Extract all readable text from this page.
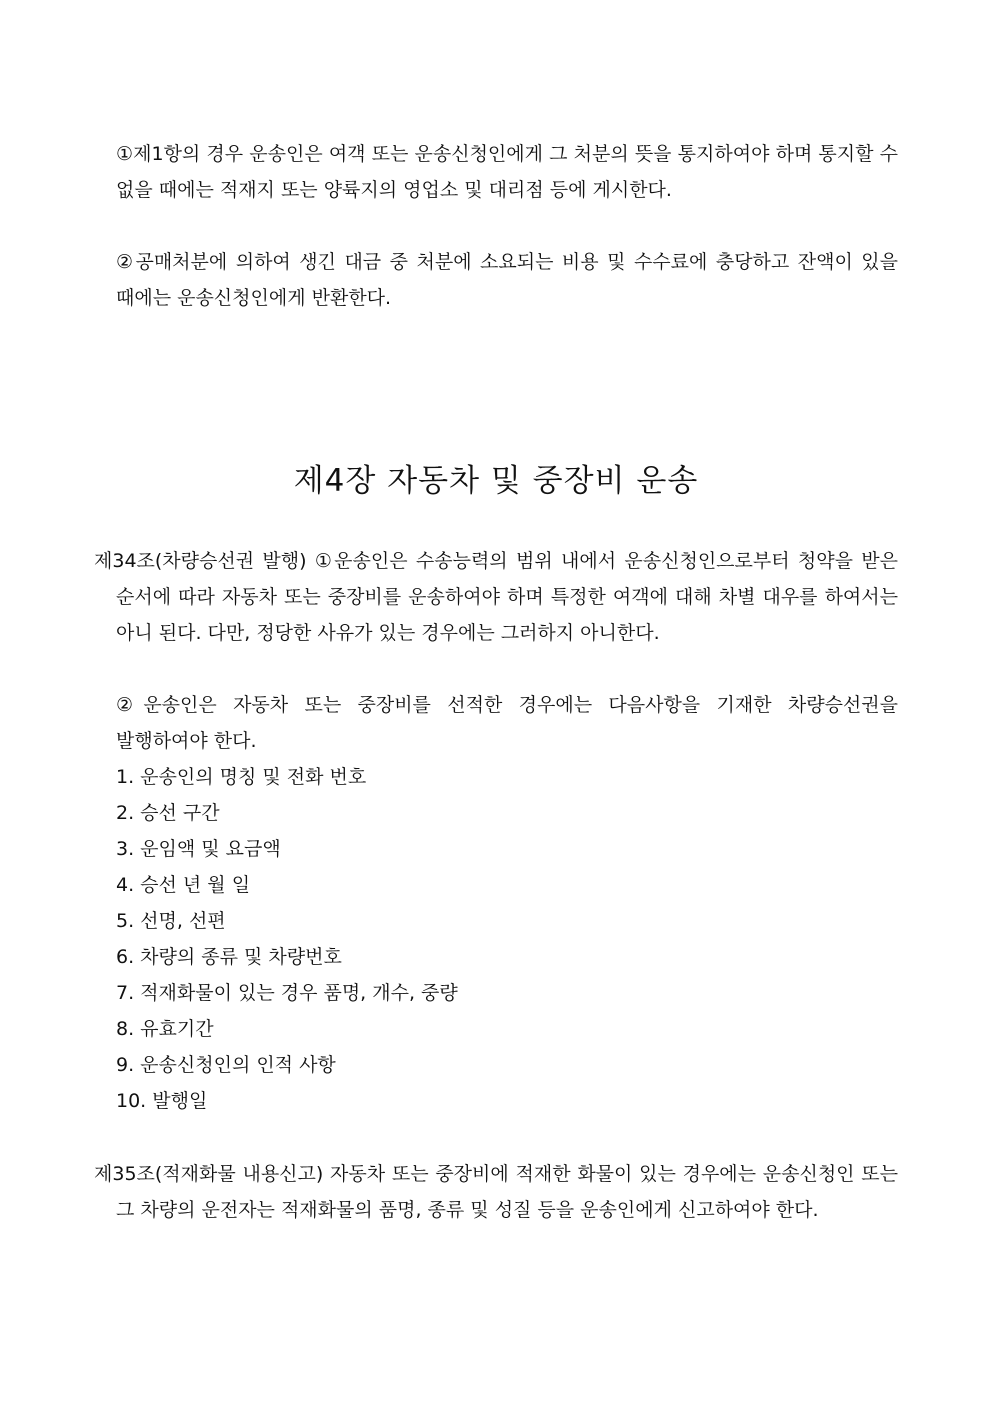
①제1항의 경우 운송인은 여객 또는 운송신청인에게 그 처분의 뜻을 통지하여야 하며 통지할 수 없을 때에는 적재지 또는 양륙지의 영업소 및 대리점 등에 게시한다.

②공매처분에 의하여 생긴 대금 중 처분에 소요되는 비용 및 수수료에 충당하고 잔액이 있을 때에는 운송신청인에게 반환한다.

제4장 자동차 및 중장비 운송

제34조(차량승선권 발행) ①운송인은 수송능력의 범위 내에서 운송신청인으로부터 청약을 받은 순서에 따라 자동차 또는 중장비를 운송하여야 하며 특정한 여객에 대해 차별 대우를 하여서는 아니 된다. 다만, 정당한 사유가 있는 경우에는 그러하지 아니한다.

②운송인은 자동차 또는 중장비를 선적한 경우에는 다음사항을 기재한 차량승선권을 발행하여야 한다.

1. 운송인의 명칭 및 전화 번호
2. 승선 구간
3. 운임액 및 요금액
4. 승선 년 월 일
5. 선명, 선편
6. 차량의 종류 및 차량번호
7. 적재화물이 있는 경우 품명, 개수, 중량
8. 유효기간
9. 운송신청인의 인적 사항
10. 발행일

제35조(적재화물 내용신고) 자동차 또는 중장비에 적재한 화물이 있는 경우에는 운송신청인 또는 그 차량의 운전자는 적재화물의 품명, 종류 및 성질 등을 운송인에게 신고하여야 한다.
